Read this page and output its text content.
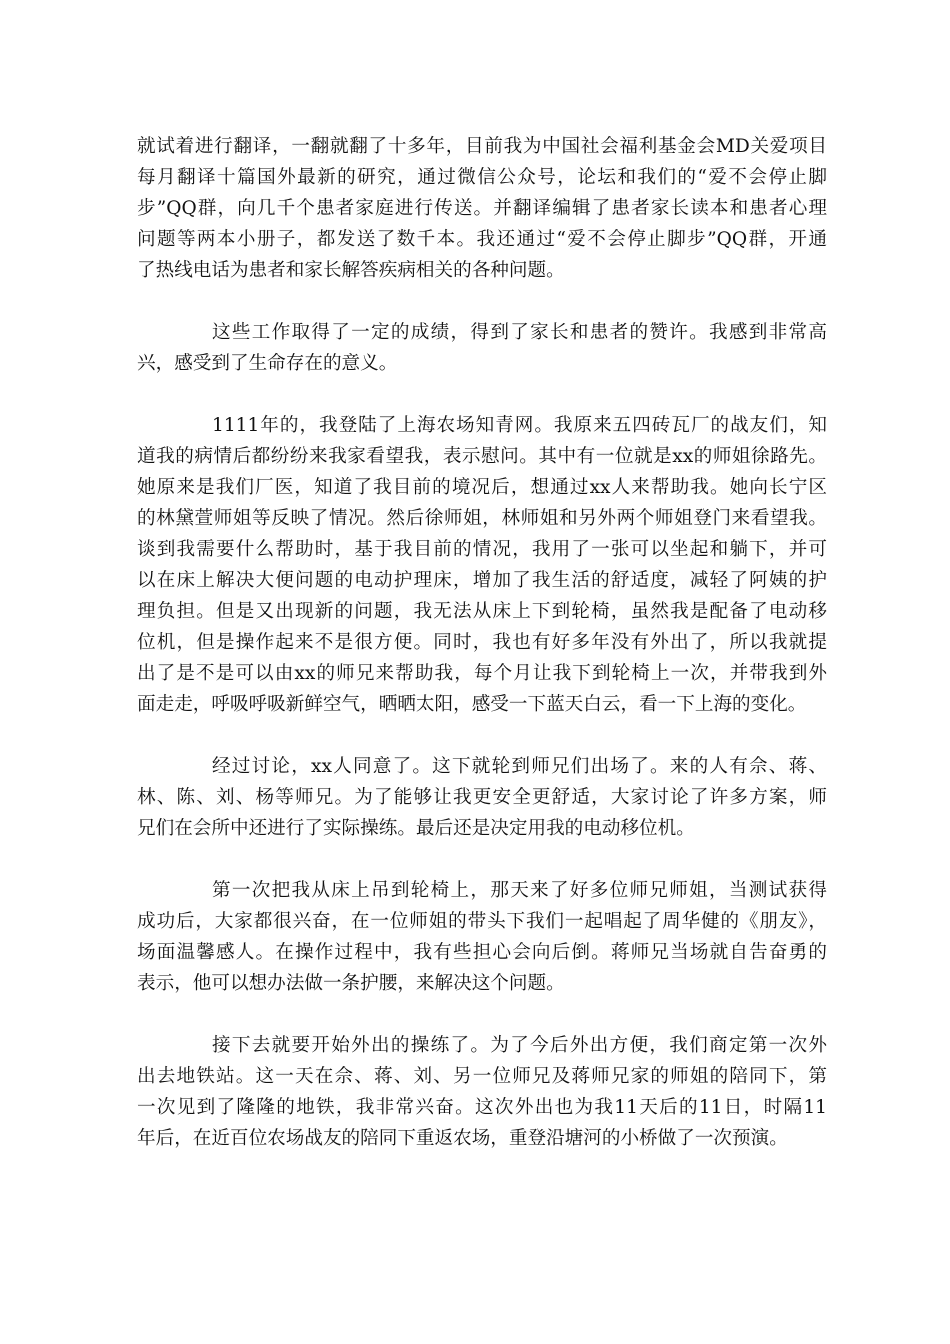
就试着进行翻译，一翻就翻了十多年，目前我为中国社会福利基金会MD关爱项目
每月翻译十篇国外最新的研究，通过微信公众号，论坛和我们的“爱不会停止脚
步”QQ群，向几千个患者家庭进行传送。并翻译编辑了患者家长读本和患者心理
问题等两本小册子，都发送了数千本。我还通过“爱不会停止脚步”QQ群，开通
了热线电话为患者和家长解答疾病相关的各种问题。
这些工作取得了一定的成绩，得到了家长和患者的赞许。我感到非常高
兴，感受到了生命存在的意义。
1111年的，我登陆了上海农场知青网。我原来五四砖瓦厂的战友们，知
道我的病情后都纷纷来我家看望我，表示慰问。其中有一位就是xx的师姐徐路先。
她原来是我们厂医，知道了我目前的境况后，想通过xx人来帮助我。她向长宁区
的林黛萱师姐等反映了情况。然后徐师姐，林师姐和另外两个师姐登门来看望我。
谈到我需要什么帮助时，基于我目前的情况，我用了一张可以坐起和躺下，并可
以在床上解决大便问题的电动护理床，增加了我生活的舒适度，减轻了阿姨的护
理负担。但是又出现新的问题，我无法从床上下到轮椅，虽然我是配备了电动移
位机，但是操作起来不是很方便。同时，我也有好多年没有外出了，所以我就提
出了是不是可以由xx的师兄来帮助我，每个月让我下到轮椅上一次，并带我到外
面走走，呼吸呼吸新鲜空气，晒晒太阳，感受一下蓝天白云，看一下上海的变化。
经过讨论，xx人同意了。这下就轮到师兄们出场了。来的人有佘、蒋、
林、陈、刘、杨等师兄。为了能够让我更安全更舒适，大家讨论了许多方案，师
兄们在会所中还进行了实际操练。最后还是决定用我的电动移位机。
第一次把我从床上吊到轮椅上，那天来了好多位师兄师姐，当测试获得
成功后，大家都很兴奋，在一位师姐的带头下我们一起唱起了周华健的《朋友》，
场面温馨感人。在操作过程中，我有些担心会向后倒。蒋师兄当场就自告奋勇的
表示，他可以想办法做一条护腰，来解决这个问题。
接下去就要开始外出的操练了。为了今后外出方便，我们商定第一次外
出去地铁站。这一天在佘、蒋、刘、另一位师兄及蒋师兄家的师姐的陪同下，第
一次见到了隆隆的地铁，我非常兴奋。这次外出也为我11天后的11日，时隔11
年后，在近百位农场战友的陪同下重返农场，重登沿塘河的小桥做了一次预演。
